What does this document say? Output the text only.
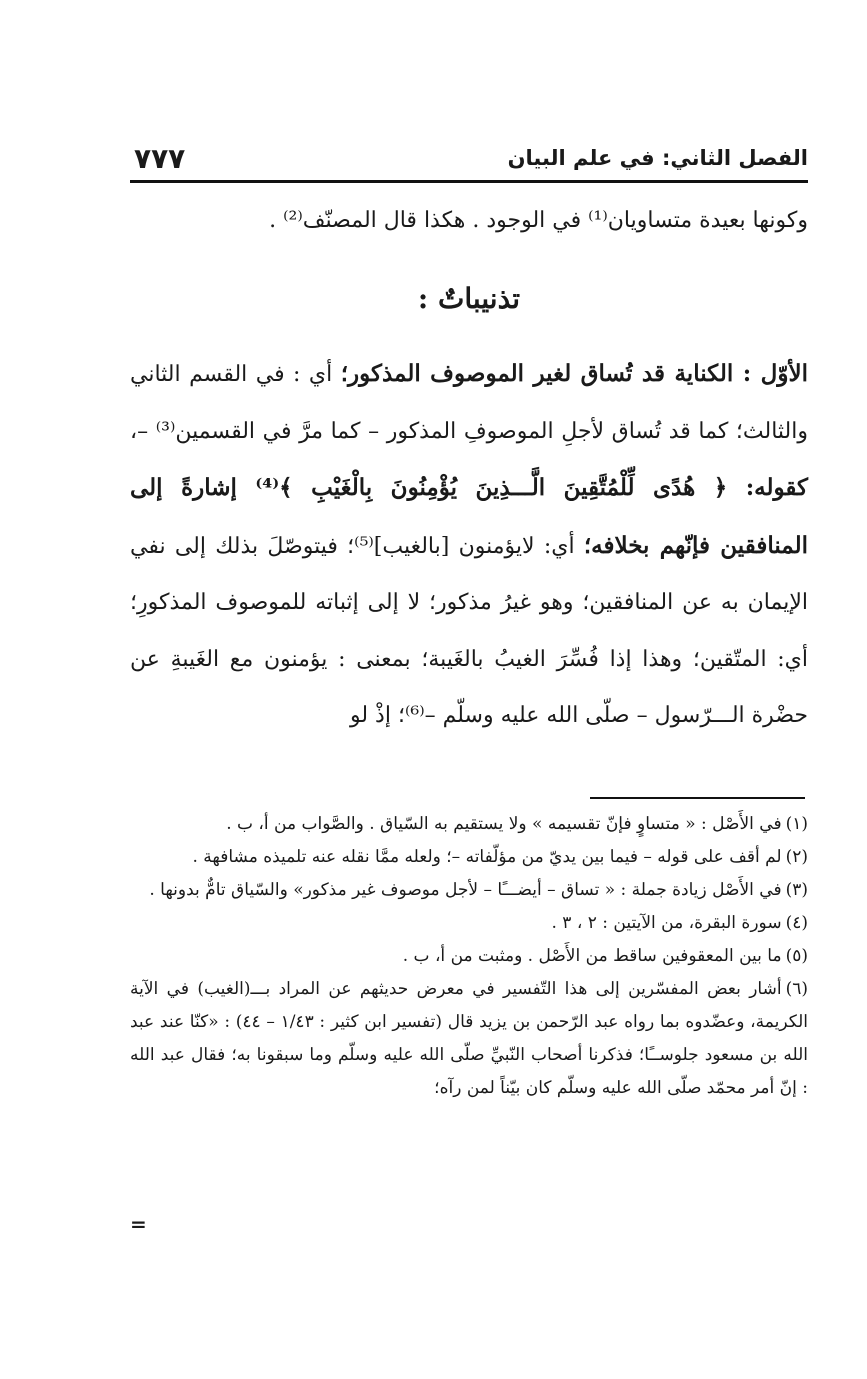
٧٧٧	الفصل الثاني: في علم البيان
وكونها بعيدة متساويان⁽¹⁾ في الوجود . هكذا قال المصنّف⁽²⁾ .
تذنيباتٌ :
الأوّل : الكناية قد تُساق لغير الموصوف المذكور؛ أي : في القسم الثاني والثالث؛ كما قد تُساق لأجلِ الموصوفِ المذكور – كما مرَّ في القسمين⁽³⁾ –، كقوله: ﴿ هُدًى لِّلْمُتَّقِينَ الَّـــذِينَ يُؤْمِنُونَ بِالْغَيْبِ ﴾⁽⁴⁾ إشارةً إلى المنافقين فإنّهم بخلافه؛ أي: لايؤمنون [بالغيب]⁽⁵⁾؛ فيتوصّلَ بذلك إلى نفي الإيمان به عن المنافقين؛ وهو غيرُ مذكور؛ لا إلى إثباته للموصوف المذكورِ؛ أي: المتّقين؛ وهذا إذا فُسِّرَ الغيبُ بالغَيبة؛ بمعنى : يؤمنون مع الغَيبةِ عن حضْرة الـــرّسول – صلّى الله عليه وسلّم –⁽⁶⁾؛ إذْ لو

(١)في الأَصْل : « متساوٍ فإنّ تقسيمه » ولا يستقيم به السّياق . والصَّواب من أ، ب .

(٢)لم أقف على قوله – فيما بين يديّ من مؤلّفاته –؛ ولعله ممَّا نقله عنه تلميذه مشافهة .

(٣)في الأَصْل زيادة جملة : « تساق – أيضـــًا – لأجل موصوف غير مذكور» والسّياق تامٌّ بدونها .

(٤)سورة البقرة، من الآيتين : ٢ ، ٣ .

(٥)ما بين المعقوفين ساقط من الأَصْل . ومثبت من أ، ب .

(٦)أشار بعض المفسّرين إلى هذا التّفسير في معرض حديثهم عن المراد بـــ(الغيب) في الآية الكريمة، وعضّدوه بما رواه عبد الرّحمن بن يزيد قال (تفسير ابن كثير : ١/٤٣ – ٤٤) : «كنّا عند عبد الله بن مسعود جلوســًا؛ فذكرنا أصحاب النّبيِّ صلّى الله عليه وسلّم وما سبقونا به؛ فقال عبد الله : إنّ أمر محمّد صلّى الله عليه وسلّم كان بيّناً لمن رآه؛

=
